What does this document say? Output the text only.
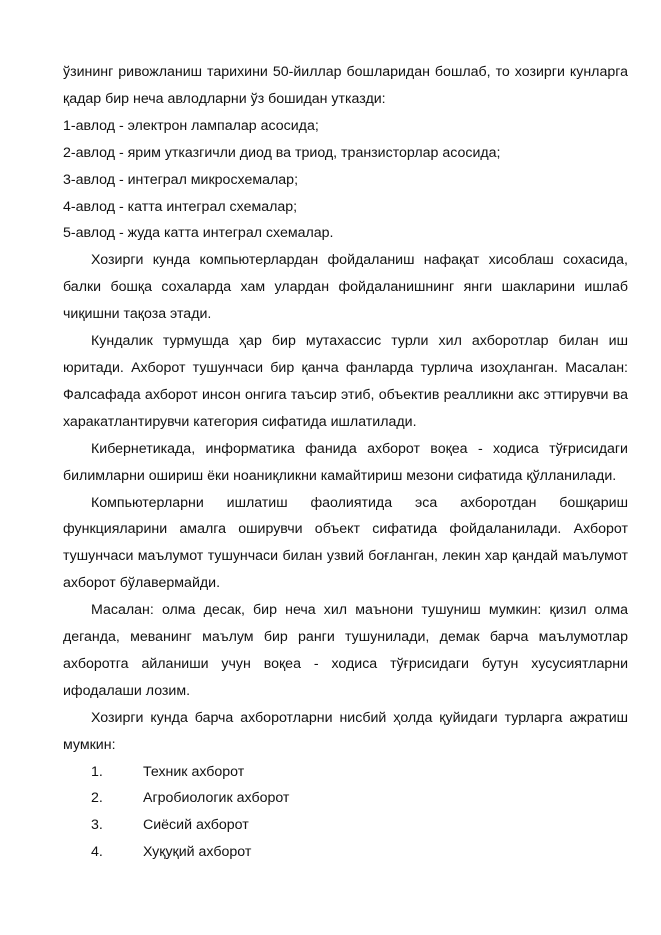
ўзининг ривожланиш тарихини 50-йиллар бошларидан бошлаб, то хозирги кунларга қадар бир неча авлодларни ўз бошидан утказди:

1-авлод - электрон лампалар асосида;

2-авлод - ярим утказгичли диод ва триод, транзисторлар асосида;

3-авлод - интеграл микросхемалар;

4-авлод - катта интеграл схемалар;

5-авлод - жуда катта интеграл схемалар.

Хозирги кунда компьютерлардан фойдаланиш нафақат хисоблаш сохасида, балки бошқа сохаларда хам улардан фойдаланишнинг янги шакларини ишлаб чиқишни тақоза этади.

Кундалик турмушда ҳар бир мутахассис турли хил ахборотлар билан иш юритади. Ахборот тушунчаси бир қанча фанларда турлича изоҳланган. Масалан: Фалсафада ахборот инсон онгига таъсир этиб, объектив реалликни акс эттирувчи ва харакатлантирувчи категория сифатида ишлатилади.

Кибернетикада, информатика фанида ахборот воқеа - ходиса тўғрисидаги билимларни ошириш ёки ноаниқликни камайтириш мезони сифатида қўлланилади.

Компьютерларни ишлатиш фаолиятида эса ахборотдан бошқариш функцияларини амалга оширувчи объект сифатида фойдаланилади. Ахборот тушунчаси маълумот тушунчаси билан узвий боғланган, лекин хар қандай маълумот ахборот бўлавермайди.

Масалан: олма десак, бир неча хил маънони тушуниш мумкин: қизил олма деганда, меванинг маълум бир ранги тушунилади, демак барча маълумотлар ахборотга айланиши учун воқеа - ходиса тўғрисидаги бутун хусусиятларни ифодалаши лозим.

Хозирги кунда барча ахборотларни нисбий ҳолда қуйидаги турларга ажратиш мумкин:

1.	Техник ахборот
2.	Агробиологик ахборот
3.	Сиёсий ахборот
4.	Хуқуқий ахборот
